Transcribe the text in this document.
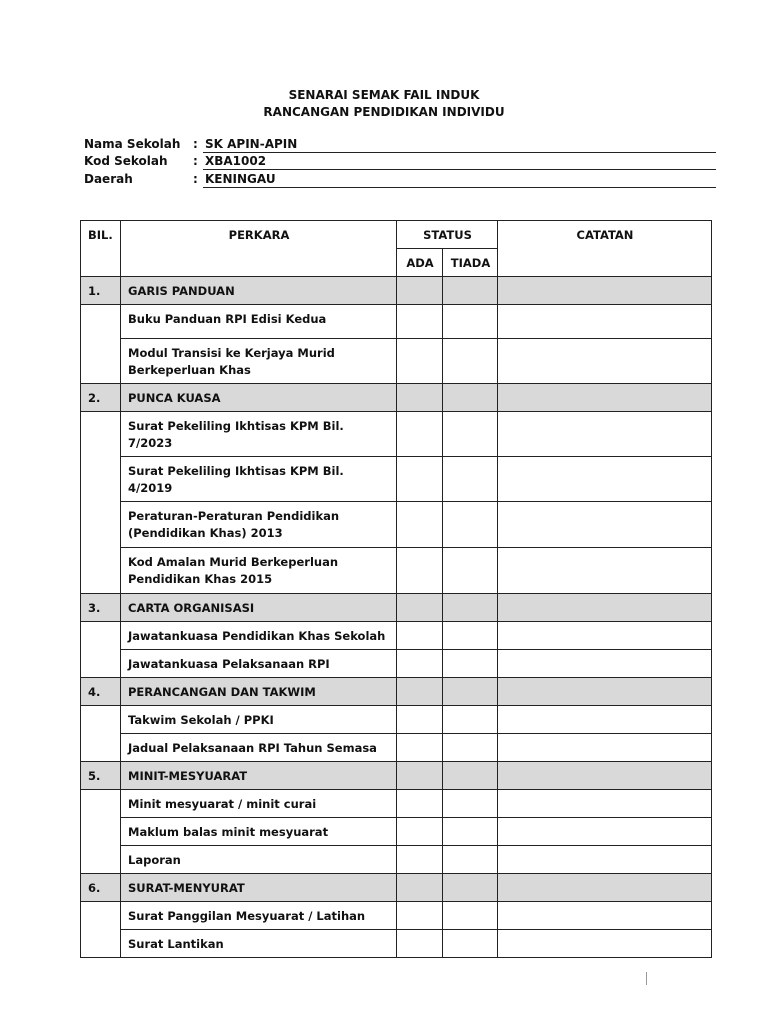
SENARAI SEMAK FAIL INDUK
RANCANGAN PENDIDIKAN INDIVIDU
Nama Sekolah : SK APIN-APIN
Kod Sekolah : XBA1002
Daerah	: KENINGAU
BIL.	PERKARA	STATUS		CATATAN

		ADA	TIADA	

1.	GARIS PANDUAN			

	Buku Panduan RPI Edisi Kedua			

	Modul Transisi ke Kerjaya Murid Berkeperluan Khas			

2.	PUNCA KUASA			

	Surat Pekeliling Ikhtisas KPM Bil. 7/2023			

	Surat Pekeliling Ikhtisas KPM Bil. 4/2019			

	Peraturan-Peraturan Pendidikan (Pendidikan Khas) 2013			

	Kod Amalan Murid Berkeperluan Pendidikan Khas 2015			

3.	CARTA ORGANISASI			

	Jawatankuasa Pendidikan Khas Sekolah			

	Jawatankuasa Pelaksanaan RPI			

4.	PERANCANGAN DAN TAKWIM			

	Takwim Sekolah / PPKI			

	Jadual Pelaksanaan RPI Tahun Semasa			

5.	MINIT-MESYUARAT			

	Minit mesyuarat / minit curai			

	Maklum balas minit mesyuarat			

	Laporan			

6.	SURAT-MENYURAT			

	Surat Panggilan Mesyuarat / Latihan			

	Surat Lantikan			
